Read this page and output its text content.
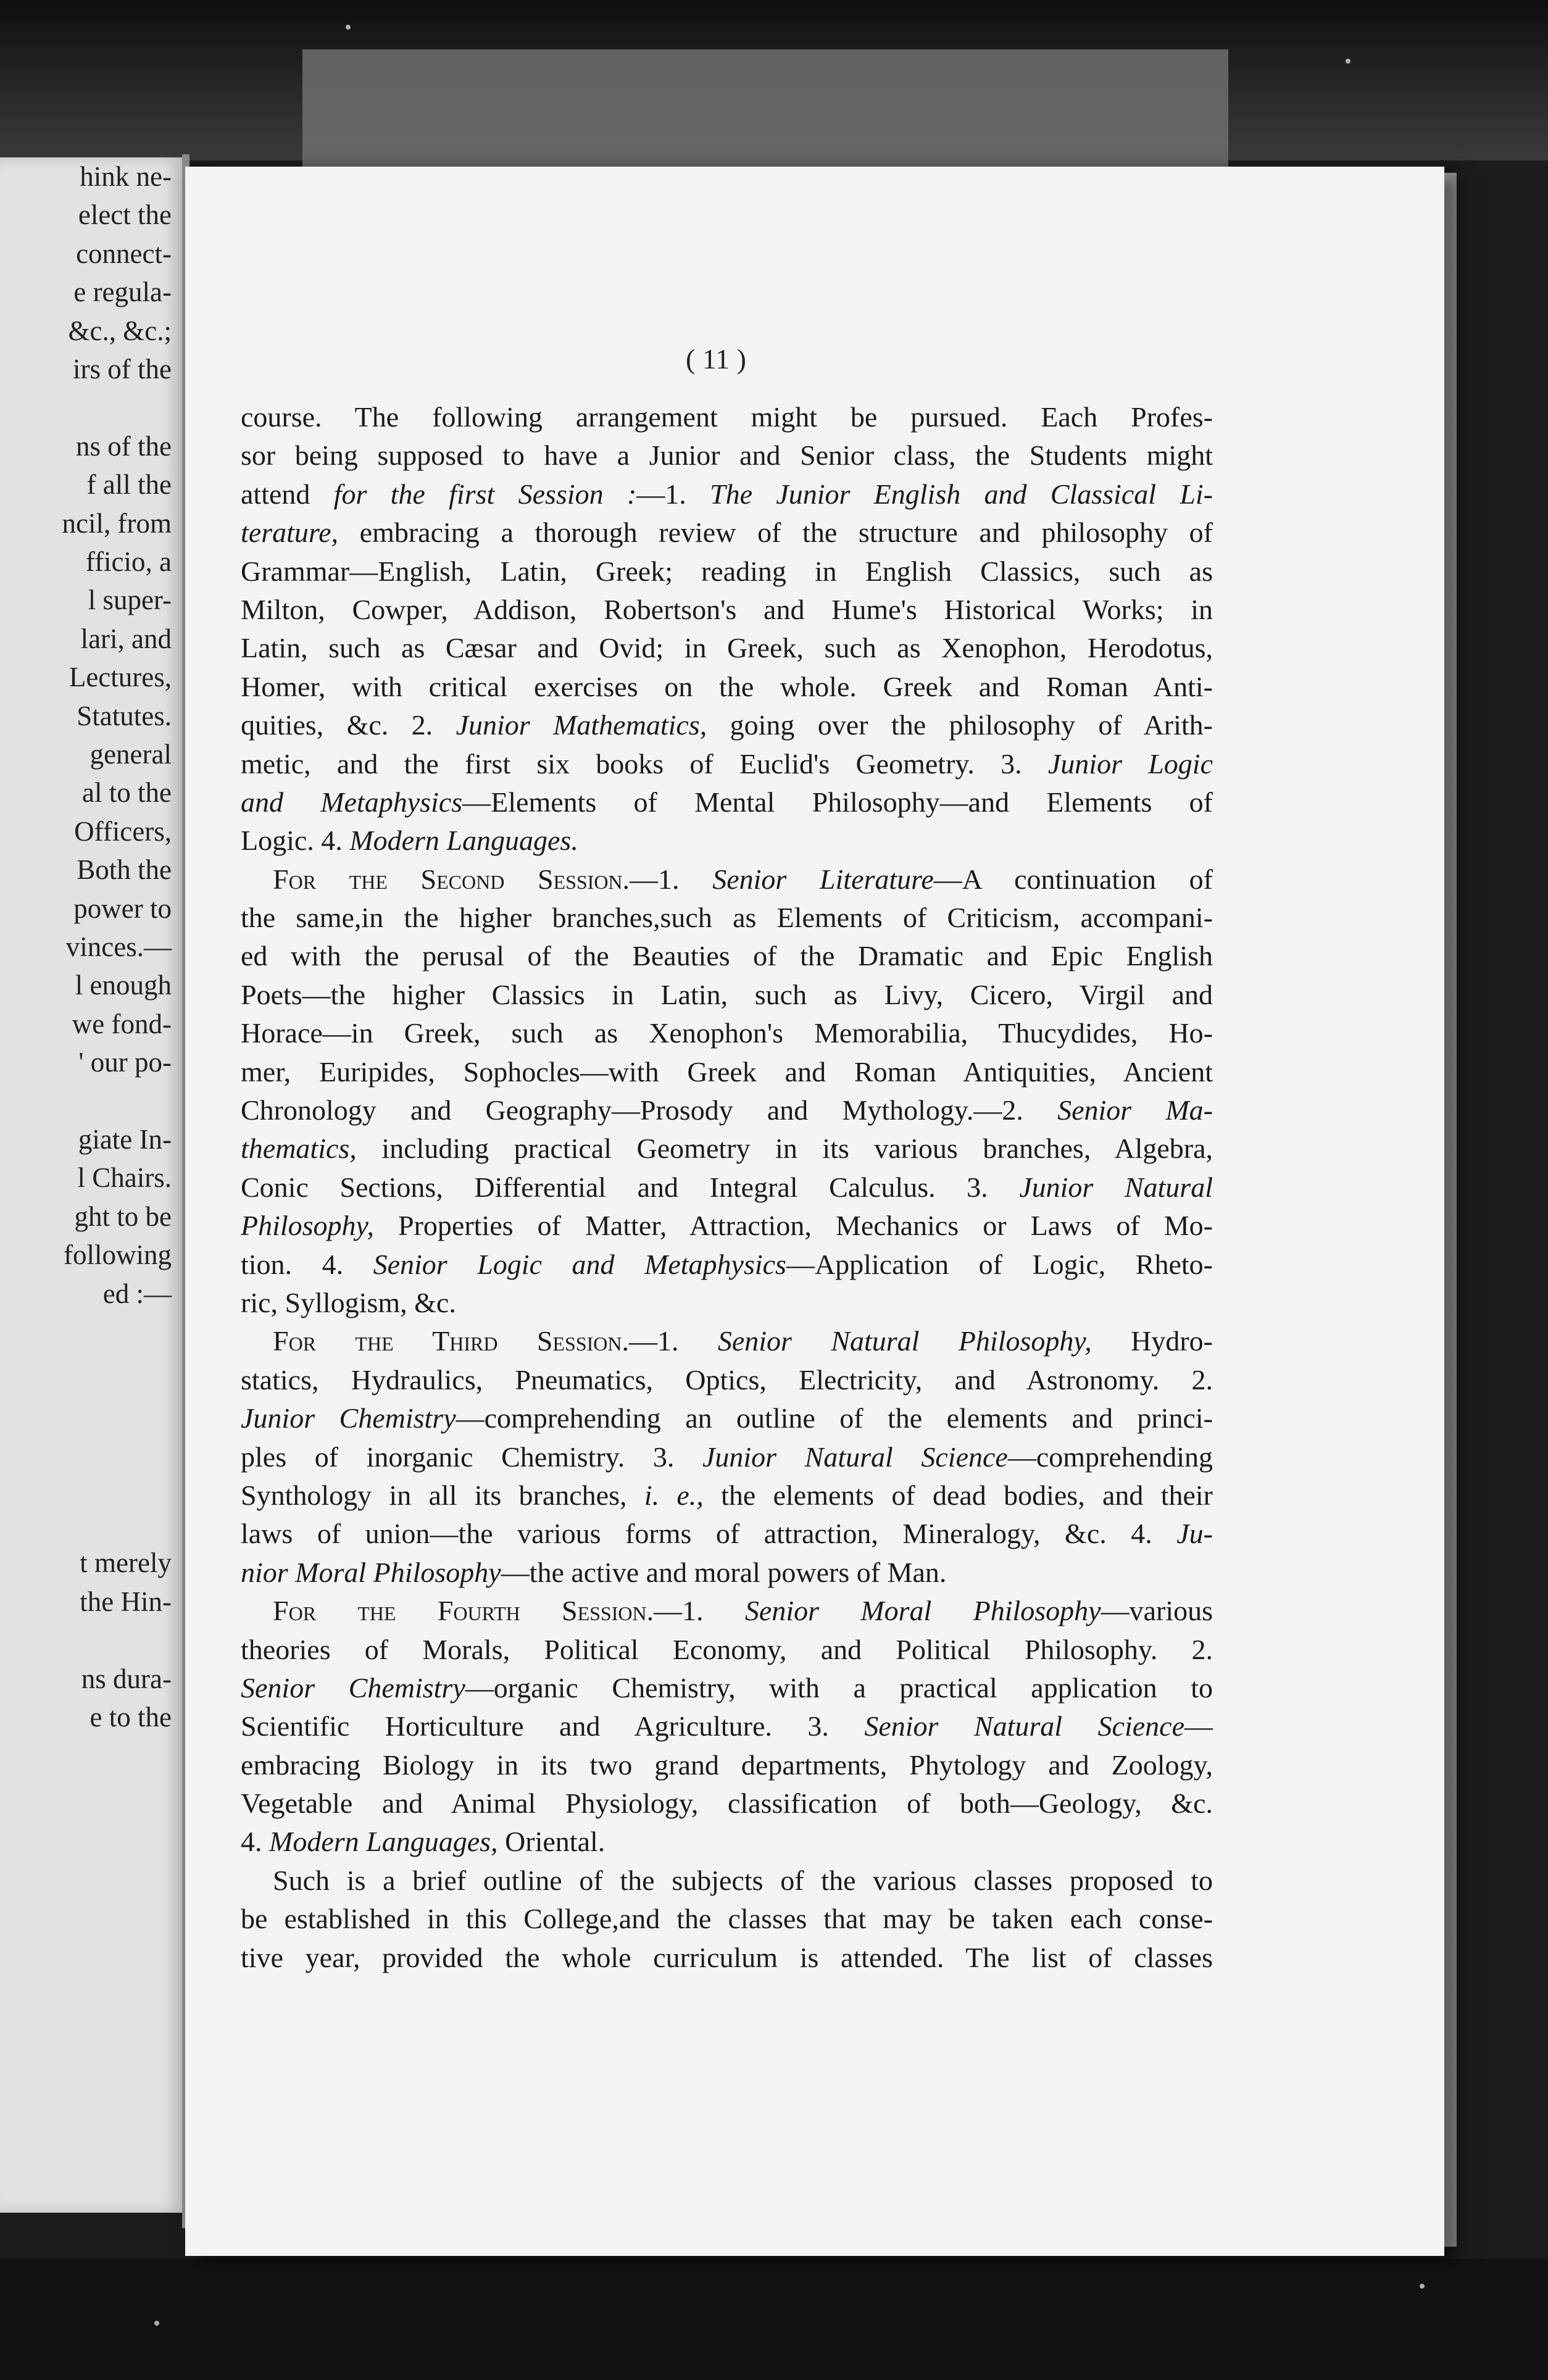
hink ne-
elect the
connect-
e regula-
&c., &c.;
irs of the
ns of the
f all the
ncil, from
fficio, a
l super-
lari, and
Lectures,
Statutes.
general
al to the
Officers,
Both the
power to
vinces.—
l enough
we fond-
' our po-
giate In-
l Chairs.
ght to be
following
ed :—
t merely
the Hin-
ns dura-
e to the
( 11 )
course. The following arrangement might be pursued. Each Profes-
sor being supposed to have a Junior and Senior class, the Students might
attend for the first Session :—1. The Junior English and Classical Li-
terature, embracing a thorough review of the structure and philosophy of
Grammar—English, Latin, Greek; reading in English Classics, such as
Milton, Cowper, Addison, Robertson's and Hume's Historical Works; in
Latin, such as Cæsar and Ovid; in Greek, such as Xenophon, Herodotus,
Homer, with critical exercises on the whole. Greek and Roman Anti-
quities, &c. 2. Junior Mathematics, going over the philosophy of Arith-
metic, and the first six books of Euclid's Geometry. 3. Junior Logic
and Metaphysics—Elements of Mental Philosophy—and Elements of
Logic. 4. Modern Languages.
For the Second Session.—1. Senior Literature—A continuation of
the same,in the higher branches,such as Elements of Criticism, accompani-
ed with the perusal of the Beauties of the Dramatic and Epic English
Poets—the higher Classics in Latin, such as Livy, Cicero, Virgil and
Horace—in Greek, such as Xenophon's Memorabilia, Thucydides, Ho-
mer, Euripides, Sophocles—with Greek and Roman Antiquities, Ancient
Chronology and Geography—Prosody and Mythology.—2. Senior Ma-
thematics, including practical Geometry in its various branches, Algebra,
Conic Sections, Differential and Integral Calculus. 3. Junior Natural
Philosophy, Properties of Matter, Attraction, Mechanics or Laws of Mo-
tion. 4. Senior Logic and Metaphysics—Application of Logic, Rheto-
ric, Syllogism, &c.
For the Third Session.—1. Senior Natural Philosophy, Hydro-
statics, Hydraulics, Pneumatics, Optics, Electricity, and Astronomy. 2.
Junior Chemistry—comprehending an outline of the elements and princi-
ples of inorganic Chemistry. 3. Junior Natural Science—comprehending
Synthology in all its branches, i. e., the elements of dead bodies, and their
laws of union—the various forms of attraction, Mineralogy, &c. 4. Ju-
nior Moral Philosophy—the active and moral powers of Man.
For the Fourth Session.—1. Senior Moral Philosophy—various
theories of Morals, Political Economy, and Political Philosophy. 2.
Senior Chemistry—organic Chemistry, with a practical application to
Scientific Horticulture and Agriculture. 3. Senior Natural Science—
embracing Biology in its two grand departments, Phytology and Zoology,
Vegetable and Animal Physiology, classification of both—Geology, &c.
4. Modern Languages, Oriental.
Such is a brief outline of the subjects of the various classes proposed to
be established in this College,and the classes that may be taken each conse-
tive year, provided the whole curriculum is attended. The list of classes
